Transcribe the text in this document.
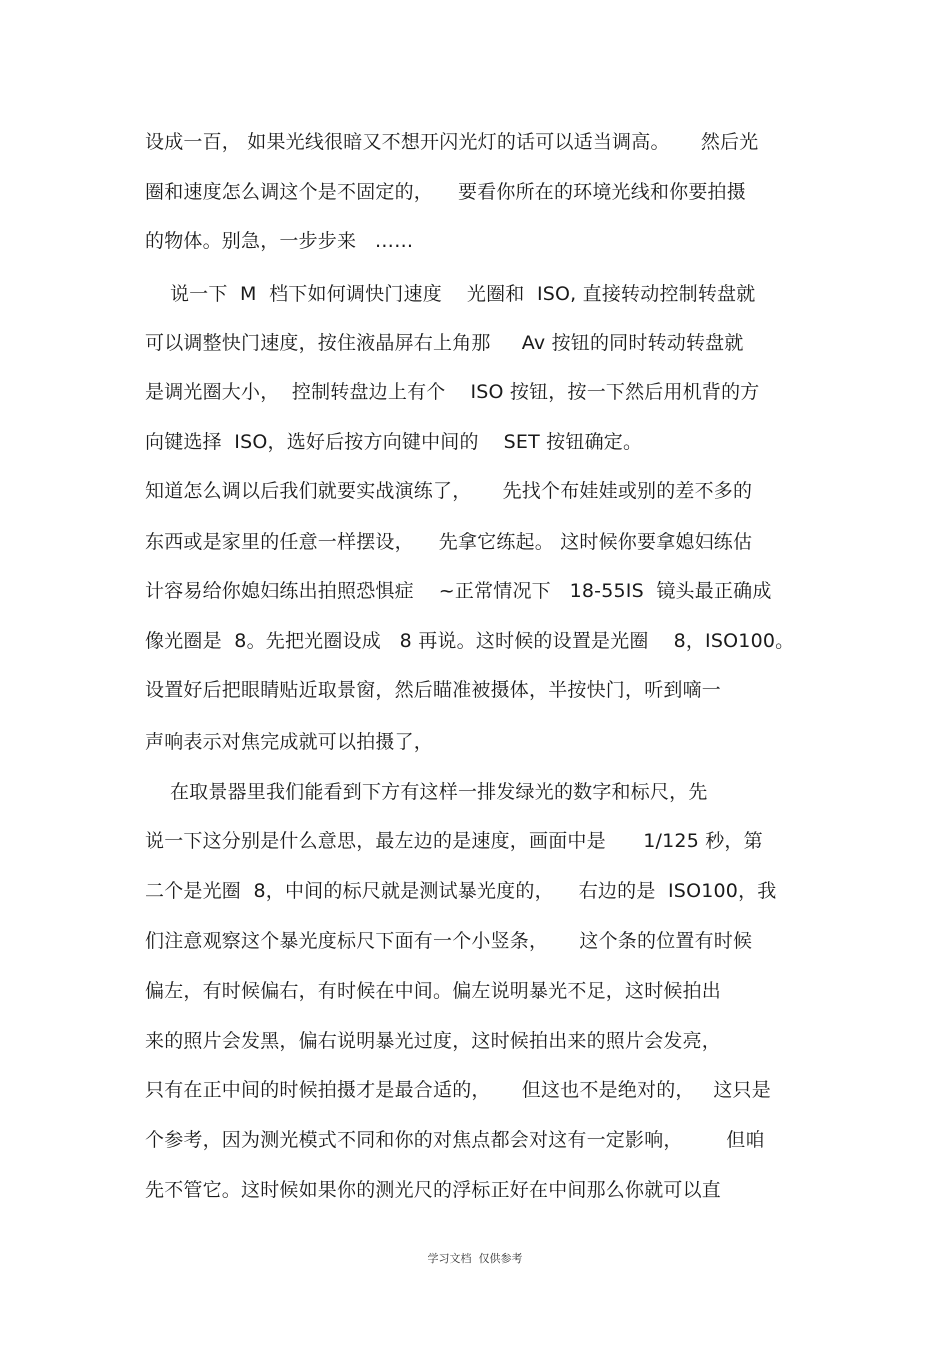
设成一百， 如果光线很暗又不想开闪光灯的话可以适当调高。     然后光
圈和速度怎么调这个是不固定的，    要看你所在的环境光线和你要拍摄
的物体。别急，一步步来   ……
说一下  M  档下如何调快门速度    光圈和  ISO, 直接转动控制转盘就
可以调整快门速度，按住液晶屏右上角那     Av 按钮的同时转动转盘就
是调光圈大小，  控制转盘边上有个    ISO 按钮，按一下然后用机背的方
向键选择  ISO，选好后按方向键中间的    SET 按钮确定。
知道怎么调以后我们就要实战演练了，     先找个布娃娃或别的差不多的
东西或是家里的任意一样摆设，    先拿它练起。 这时候你要拿媳妇练估
计容易给你媳妇练出拍照恐惧症    ~正常情况下   18-55IS  镜头最正确成
像光圈是  8。先把光圈设成   8 再说。这时候的设置是光圈    8，ISO100。
设置好后把眼睛贴近取景窗，然后瞄准被摄体，半按快门，听到嘀一
声响表示对焦完成就可以拍摄了，
在取景器里我们能看到下方有这样一排发绿光的数字和标尺，先
说一下这分别是什么意思，最左边的是速度，画面中是      1/125 秒，第
二个是光圈  8，中间的标尺就是测试暴光度的，    右边的是  ISO100，我
们注意观察这个暴光度标尺下面有一个小竖条，     这个条的位置有时候
偏左，有时候偏右，有时候在中间。偏左说明暴光不足，这时候拍出
来的照片会发黑，偏右说明暴光过度，这时候拍出来的照片会发亮，
只有在正中间的时候拍摄才是最合适的，     但这也不是绝对的，   这只是
个参考，因为测光模式不同和你的对焦点都会对这有一定影响，       但咱
先不管它。这时候如果你的测光尺的浮标正好在中间那么你就可以直
学习文档  仅供参考
